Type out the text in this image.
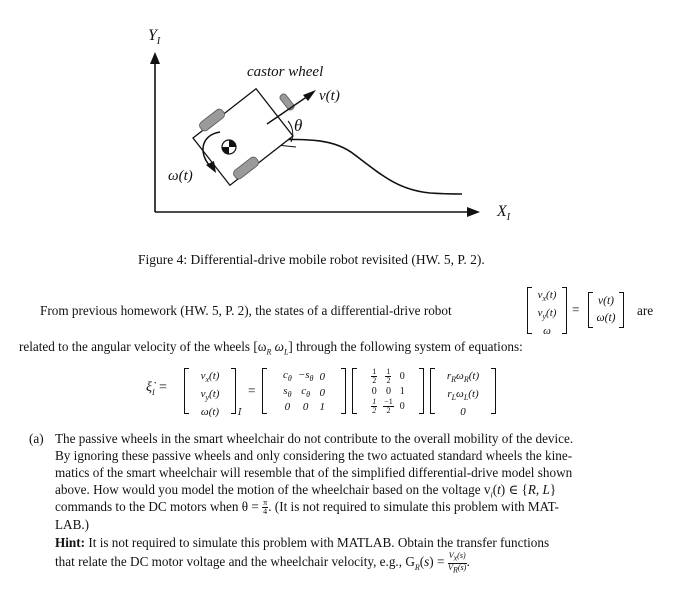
$Y_I$
$X_I$
castor wheel
v(t)
θ
ω(t)
Figure 4: Differential-drive mobile robot revisited (HW. 5, P. 2).
From previous homework (HW. 5, P. 2), the states of a differential-drive robot
$v_x(t)$
$v_y(t)$
ω
=
v(t)
ω(t)	are
related to the angular velocity of the wheels [$\omega_R$ $\omega_L$] through the following system of equations:
$\xi̇_I$ =
$v_x(t)$
$v_y(t)$
ω(t)	I
=
$c_\theta$	$-s_\theta$	0
$s_\theta$	$c_\theta$	0
0	0	1
$\frac{1}{2}$	$\frac{1}{2}$	0
0	0	1

$\frac{1}{2}$	$\frac{-1}{2}$	0
$r_R\omega_R(t)$
$r_L\omega_L(t)$
0
(a) The passive wheels in the smart wheelchair do not contribute to the overall mobility of the device.
By ignoring these passive wheels and only considering the two actuated standard wheels the kine-
matics of the smart wheelchair will resemble that of the simplified differential-drive model shown
above. How would you model the motion of the wheelchair based on the voltage $v_i(t)$ ∈ {R, L}
commands to the DC motors when $\theta = \frac{\pi}{4}$ . (It is not required to simulate this problem with MAT-
LAB.)
Hint: It is not required to simulate this problem with MATLAB. Obtain the transfer functions
that relate the DC motor voltage and the wheelchair velocity, e.g., $G_R(s) = \frac{V_x(s)}{V_R(s)}$ .
